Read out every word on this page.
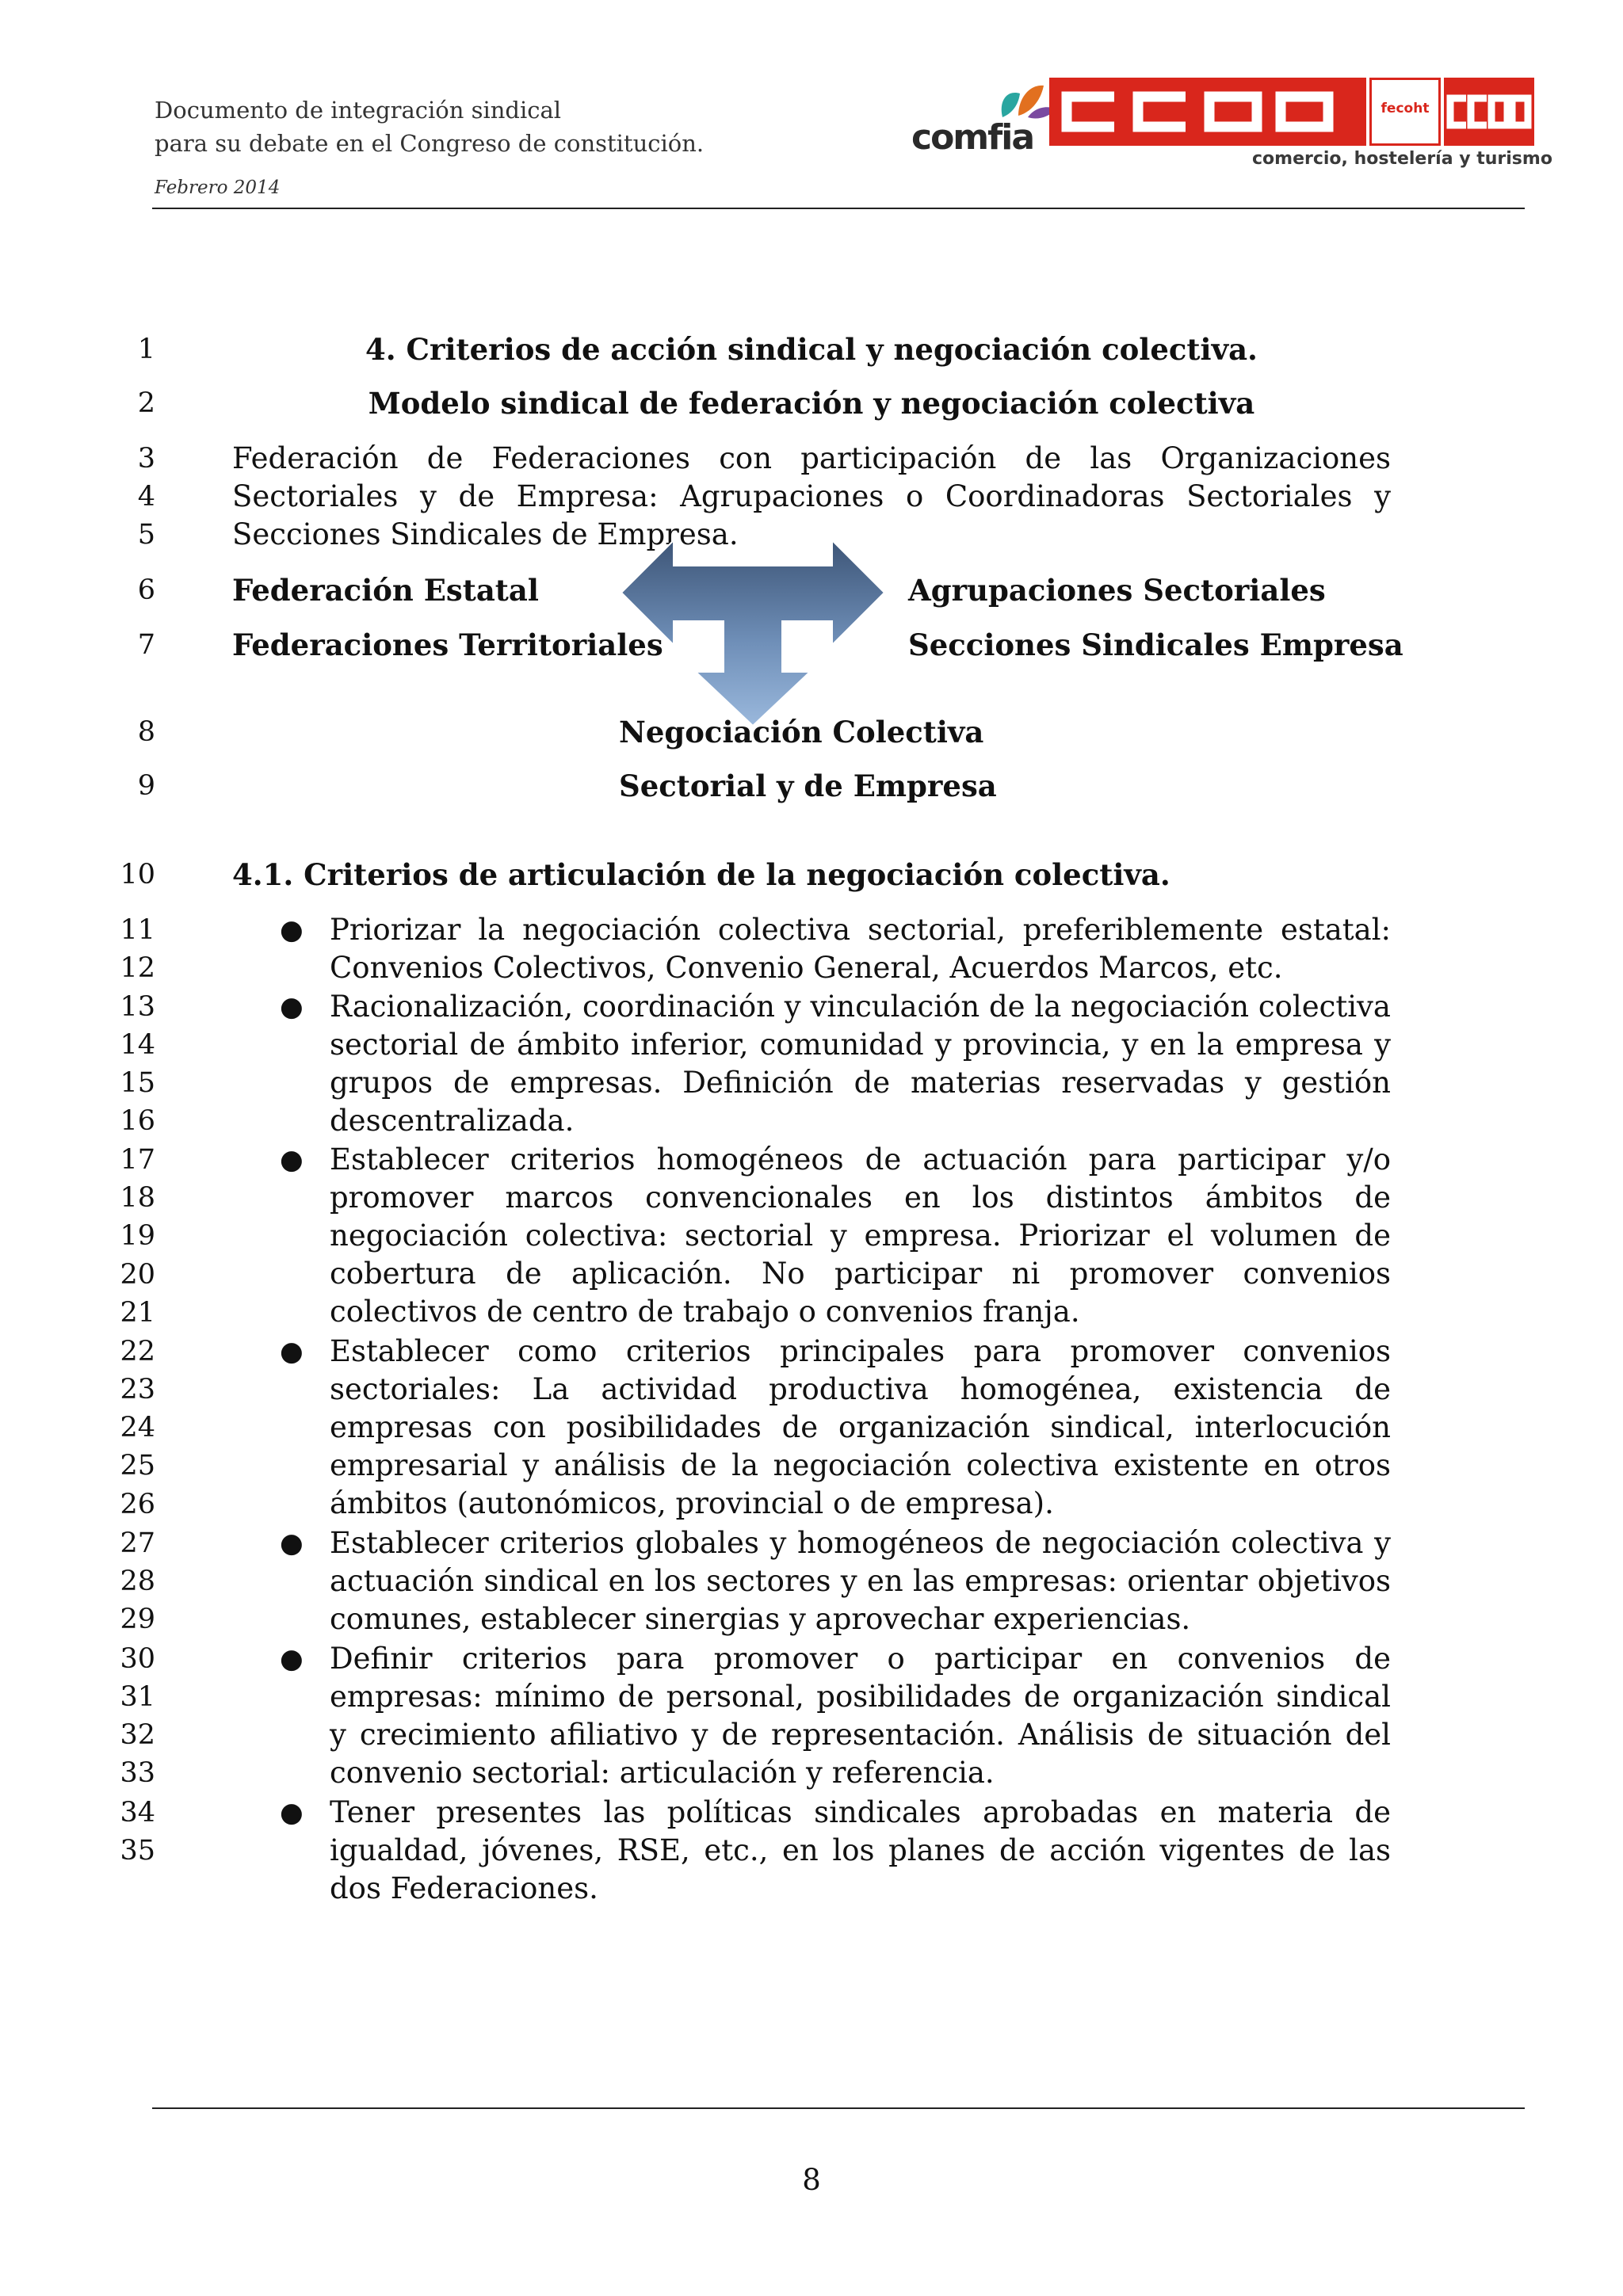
Documento de integración sindical
para su debate en el Congreso de constitución.
Febrero 2014
comfia
fecoht
comercio, hostelería y turismo
1
2
3
4
5
6
7
8
9
10
11
12
13
14
15
16
17
18
19
20
21
22
23
24
25
26
27
28
29
30
31
32
33
34
35
4. Criterios de acción sindical y negociación colectiva.
Modelo sindical de federación y negociación colectiva
Federación de Federaciones con participación de las Organizaciones Sectoriales y de Empresa: Agrupaciones o Coordinadoras Sectoriales y Secciones Sindicales de Empresa.
Federación Estatal
Federaciones Territoriales
Agrupaciones Sectoriales
Secciones Sindicales Empresa
Negociación Colectiva
Sectorial y de Empresa
4.1. Criterios de articulación de la negociación colectiva.
● Priorizar la negociación colectiva sectorial, preferiblemente estatal: Convenios Colectivos, Convenio General, Acuerdos Marcos, etc.
● Racionalización, coordinación y vinculación de la negociación colectiva sectorial de ámbito inferior, comunidad y provincia, y en la empresa y grupos de empresas. Definición de materias reservadas y gestión descentralizada.
● Establecer criterios homogéneos de actuación para participar y/o promover marcos convencionales en los distintos ámbitos de negociación colectiva: sectorial y empresa. Priorizar el volumen de cobertura de aplicación. No participar ni promover convenios colectivos de centro de trabajo o convenios franja.
● Establecer como criterios principales para promover convenios sectoriales: La actividad productiva homogénea, existencia de empresas con posibilidades de organización sindical, interlocución empresarial y análisis de la negociación colectiva existente en otros ámbitos (autonómicos, provincial o de empresa).
● Establecer criterios globales y homogéneos de negociación colectiva y actuación sindical en los sectores y en las empresas: orientar objetivos comunes, establecer sinergias y aprovechar experiencias.
● Definir criterios para promover o participar en convenios de empresas: mínimo de personal, posibilidades de organización sindical y crecimiento afiliativo y de representación. Análisis de situación del convenio sectorial: articulación y referencia.
● Tener presentes las políticas sindicales aprobadas en materia de igualdad, jóvenes, RSE, etc., en los planes de acción vigentes de las dos Federaciones.
8
